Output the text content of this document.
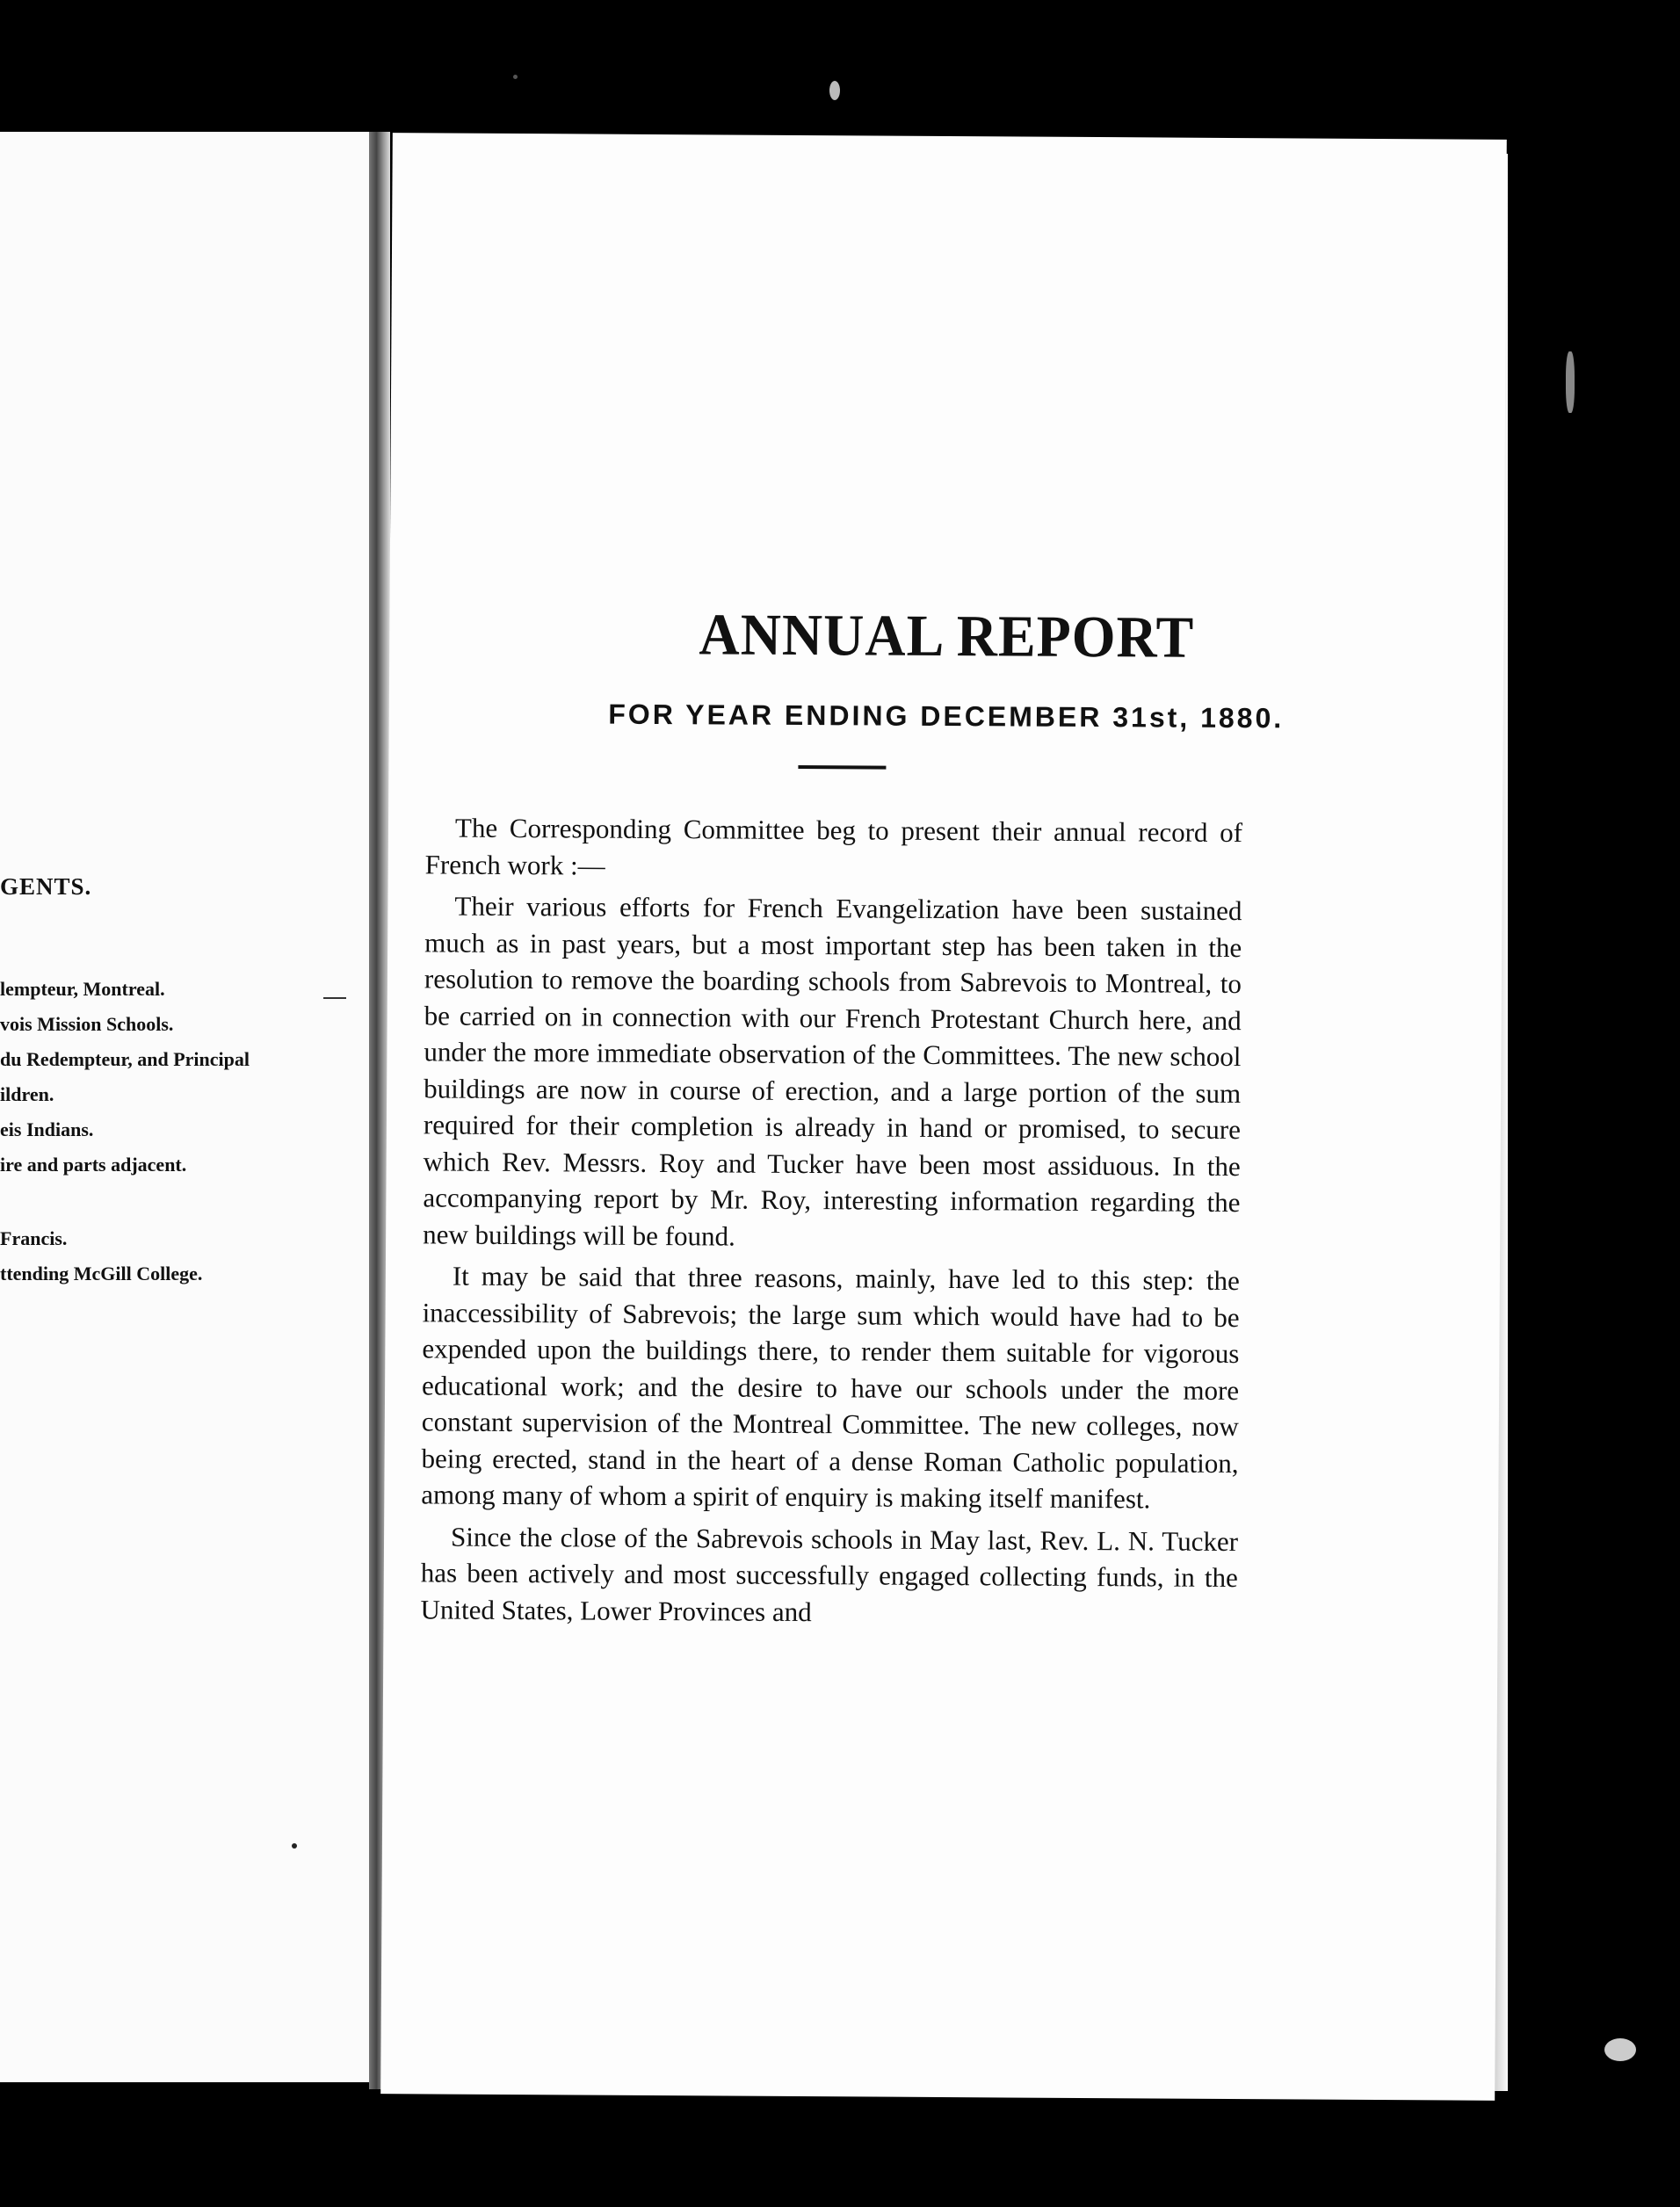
GENTS.
lempteur, Montreal.
vois Mission Schools.
du Redempteur, and Principal
ildren.
eis Indians.
ire and parts adjacent.
Francis.
ttending McGill College.
ANNUAL REPORT
FOR YEAR ENDING DECEMBER 31st, 1880.

The Corresponding Committee beg to present their annual record of French work :—

Their various efforts for French Evangelization have been sustained much as in past years, but a most important step has been taken in the resolution to remove the boarding schools from Sabrevois to Montreal, to be carried on in connection with our French Protestant Church here, and under the more immediate observation of the Committees. The new school buildings are now in course of erection, and a large portion of the sum required for their completion is already in hand or promised, to secure which Rev. Messrs. Roy and Tucker have been most assiduous. In the accompanying report by Mr. Roy, interesting information regarding the new buildings will be found.

It may be said that three reasons, mainly, have led to this step: the inaccessibility of Sabrevois; the large sum which would have had to be expended upon the buildings there, to render them suitable for vigorous educational work; and the desire to have our schools under the more constant supervision of the Montreal Committee. The new colleges, now being erected, stand in the heart of a dense Roman Catholic population, among many of whom a spirit of enquiry is making itself manifest.

Since the close of the Sabrevois schools in May last, Rev. L. N. Tucker has been actively and most successfully engaged collecting funds, in the United States, Lower Provinces and
